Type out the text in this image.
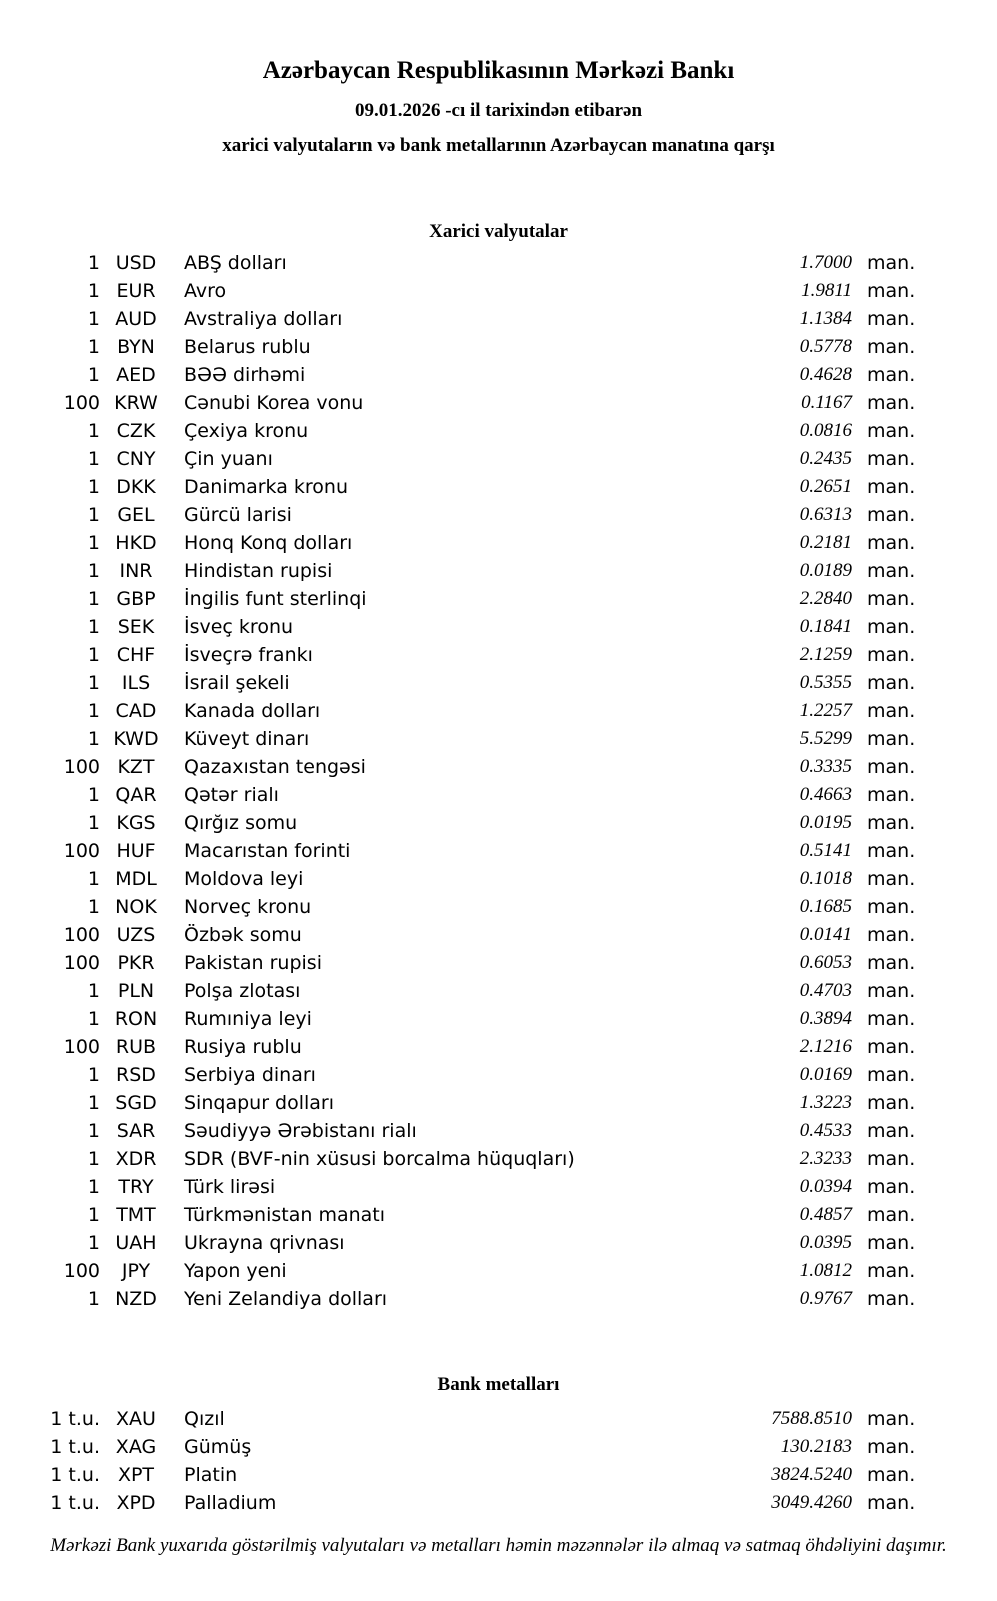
Azərbaycan Respublikasının Mərkəzi Bankı
09.01.2026 -cı il tarixindən etibarən
xarici valyutaların və bank metallarının Azərbaycan manatına qarşı
Xarici valyutalar
1 USD	ABŞ dolları	1.7000 man.
1 EUR	Avro	1.9811 man.
1 AUD	Avstraliya dolları	1.1384 man.
1 BYN	Belarus rublu	0.5778 man.
1 AED	BƏƏ dirhəmi	0.4628 man.
100 KRW	Cənubi Korea vonu	0.1167 man.
1 CZK	Çexiya kronu	0.0816 man.
1 CNY	Çin yuanı	0.2435 man.
1 DKK	Danimarka kronu	0.2651 man.
1 GEL	Gürcü larisi	0.6313 man.
1 HKD	Honq Konq dolları	0.2181 man.
1	INR	Hindistan rupisi	0.0189 man.
1 GBP	İngilis funt sterlinqi	2.2840 man.
1 SEK	İsveç kronu	0.1841 man.
1 CHF	İsveçrə frankı	2.1259 man.
1	ILS	İsrail şekeli	0.5355 man.
1 CAD	Kanada dolları	1.2257 man.
1 KWD	Küveyt dinarı	5.5299 man.
100 KZT	Qazaxıstan tengəsi	0.3335 man.
1 QAR	Qətər rialı	0.4663 man.
1 KGS	Qırğız somu	0.0195 man.
100 HUF	Macarıstan forinti	0.5141 man.
1 MDL	Moldova leyi	0.1018 man.
1 NOK	Norveç kronu	0.1685 man.
100 UZS	Özbək somu	0.0141 man.
100 PKR	Pakistan rupisi	0.6053 man.
1 PLN	Polşa zlotası	0.4703 man.
1 RON	Rumıniya leyi	0.3894 man.
100 RUB	Rusiya rublu	2.1216 man.
1 RSD	Serbiya dinarı	0.0169 man.
1 SGD	Sinqapur dolları	1.3223 man.
1 SAR	Səudiyyə Ərəbistanı rialı	0.4533 man.
1 XDR	SDR (BVF-nin xüsusi borcalma hüquqları)	2.3233 man.
1 TRY	Türk lirəsi	0.0394 man.
1 TMT	Türkmənistan manatı	0.4857 man.
1 UAH	Ukrayna qrivnası	0.0395 man.
100	JPY	Yapon yeni	1.0812 man.
1 NZD	Yeni Zelandiya dolları	0.9767 man.
Bank metalları
1 t.u. XAU	Qızıl	7588.8510 man.
1 t.u. XAG	Gümüş	130.2183 man.
1 t.u. XPT	Platin	3824.5240 man.
1 t.u. XPD	Palladium	3049.4260 man.
Mərkəzi Bank yuxarıda göstərilmiş valyutaları və metalları həmin məzənnələr ilə almaq və satmaq öhdəliyini daşımır.
